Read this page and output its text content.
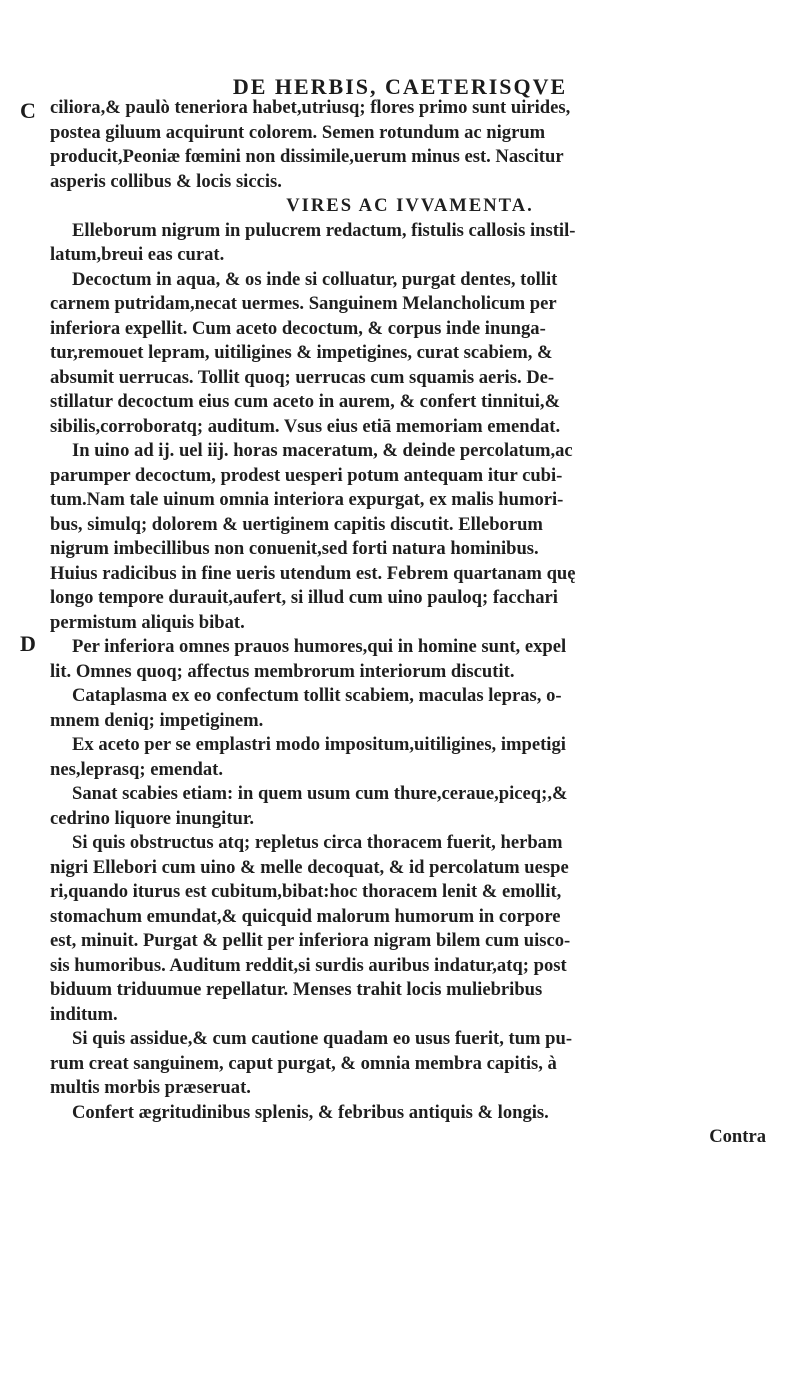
DE HERBIS, CAETERISQVE
C
D
ciliora,& paulò teneriora habet,utriusq; flores primo sunt uirides,
postea giluum acquirunt colorem. Semen rotundum ac nigrum
producit,Peoniæ fœmini non dissimile,uerum minus est. Nascitur
asperis collibus & locis siccis.
VIRES AC IVVAMENTA.
Elleborum nigrum in pulucrem redactum, fistulis callosis instil-
latum,breui eas curat.
Decoctum in aqua, & os inde si colluatur, purgat dentes, tollit
carnem putridam,necat uermes. Sanguinem Melancholicum per
inferiora expellit. Cum aceto decoctum, & corpus inde inunga-
tur,remouet lepram, uitiligines & impetigines, curat scabiem, &
absumit uerrucas. Tollit quoq; uerrucas cum squamis aeris. De-
stillatur decoctum eius cum aceto in aurem, & confert tinnitui,&
sibilis,corroboratq; auditum. Vsus eius etiā memoriam emendat.
In uino ad ij. uel iij. horas maceratum, & deinde percolatum,ac
parumper decoctum, prodest uesperi potum antequam itur cubi-
tum.Nam tale uinum omnia interiora expurgat, ex malis humori-
bus, simulq; dolorem & uertiginem capitis discutit. Elleborum
nigrum imbecillibus non conuenit,sed forti natura hominibus.
Huius radicibus in fine ueris utendum est. Febrem quartanam quę
longo tempore durauit,aufert, si illud cum uino pauloq; facchari
permistum aliquis bibat.
Per inferiora omnes prauos humores,qui in homine sunt, expel
lit. Omnes quoq; affectus membrorum interiorum discutit.
Cataplasma ex eo confectum tollit scabiem, maculas lepras, o-
mnem deniq; impetiginem.
Ex aceto per se emplastri modo impositum,uitiligines, impetigi
nes,leprasq; emendat.
Sanat scabies etiam: in quem usum cum thure,ceraue,piceq;,&
cedrino liquore inungitur.
Si quis obstructus atq; repletus circa thoracem fuerit, herbam
nigri Ellebori cum uino & melle decoquat, & id percolatum uespe
ri,quando iturus est cubitum,bibat:hoc thoracem lenit & emollit,
stomachum emundat,& quicquid malorum humorum in corpore
est, minuit. Purgat & pellit per inferiora nigram bilem cum uisco-
sis humoribus. Auditum reddit,si surdis auribus indatur,atq; post
biduum triduumue repellatur. Menses trahit locis muliebribus
inditum.
Si quis assidue,& cum cautione quadam eo usus fuerit, tum pu-
rum creat sanguinem, caput purgat, & omnia membra capitis, à
multis morbis præseruat.
Confert ægritudinibus splenis, & febribus antiquis & longis.
Contra
